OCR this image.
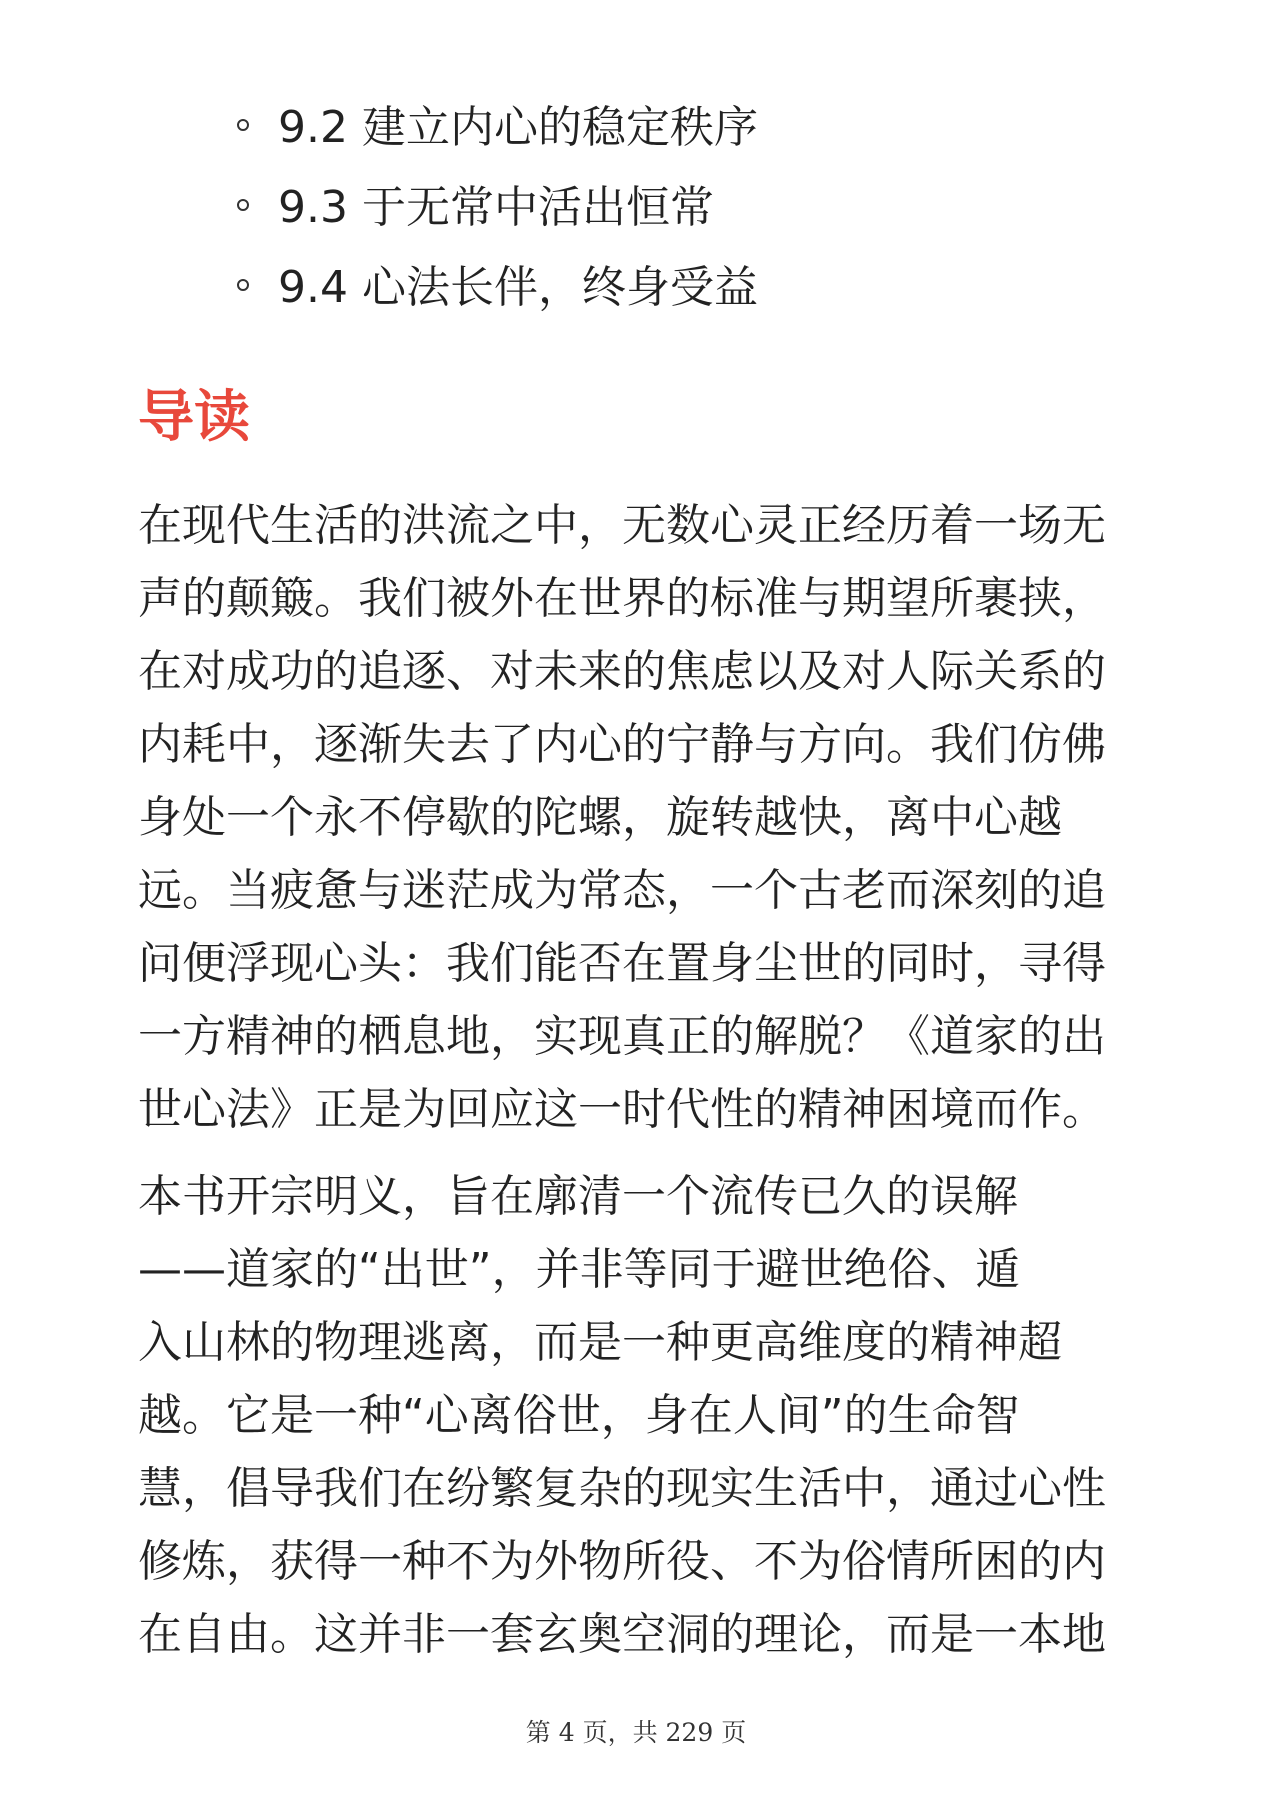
9.2 建立内心的稳定秩序
9.3 于无常中活出恒常
9.4 心法长伴，终身受益
导读

在现代生活的洪流之中，无数心灵正经历着一场无
声的颠簸。我们被外在世界的标准与期望所裹挟，
在对成功的追逐、对未来的焦虑以及对人际关系的
内耗中，逐渐失去了内心的宁静与方向。我们仿佛
身处一个永不停歇的陀螺，旋转越快，离中心越
远。当疲惫与迷茫成为常态，一个古老而深刻的追
问便浮现心头：我们能否在置身尘世的同时，寻得
一方精神的栖息地，实现真正的解脱？《道家的出
世心法》正是为回应这一时代性的精神困境而作。

本书开宗明义，旨在廓清一个流传已久的误解
——道家的“出世”，并非等同于避世绝俗、遁
入山林的物理逃离，而是一种更高维度的精神超
越。它是一种“心离俗世，身在人间”的生命智
慧，倡导我们在纷繁复杂的现实生活中，通过心性
修炼，获得一种不为外物所役、不为俗情所困的内
在自由。这并非一套玄奥空洞的理论，而是一本地

第 4 页，共 229 页
